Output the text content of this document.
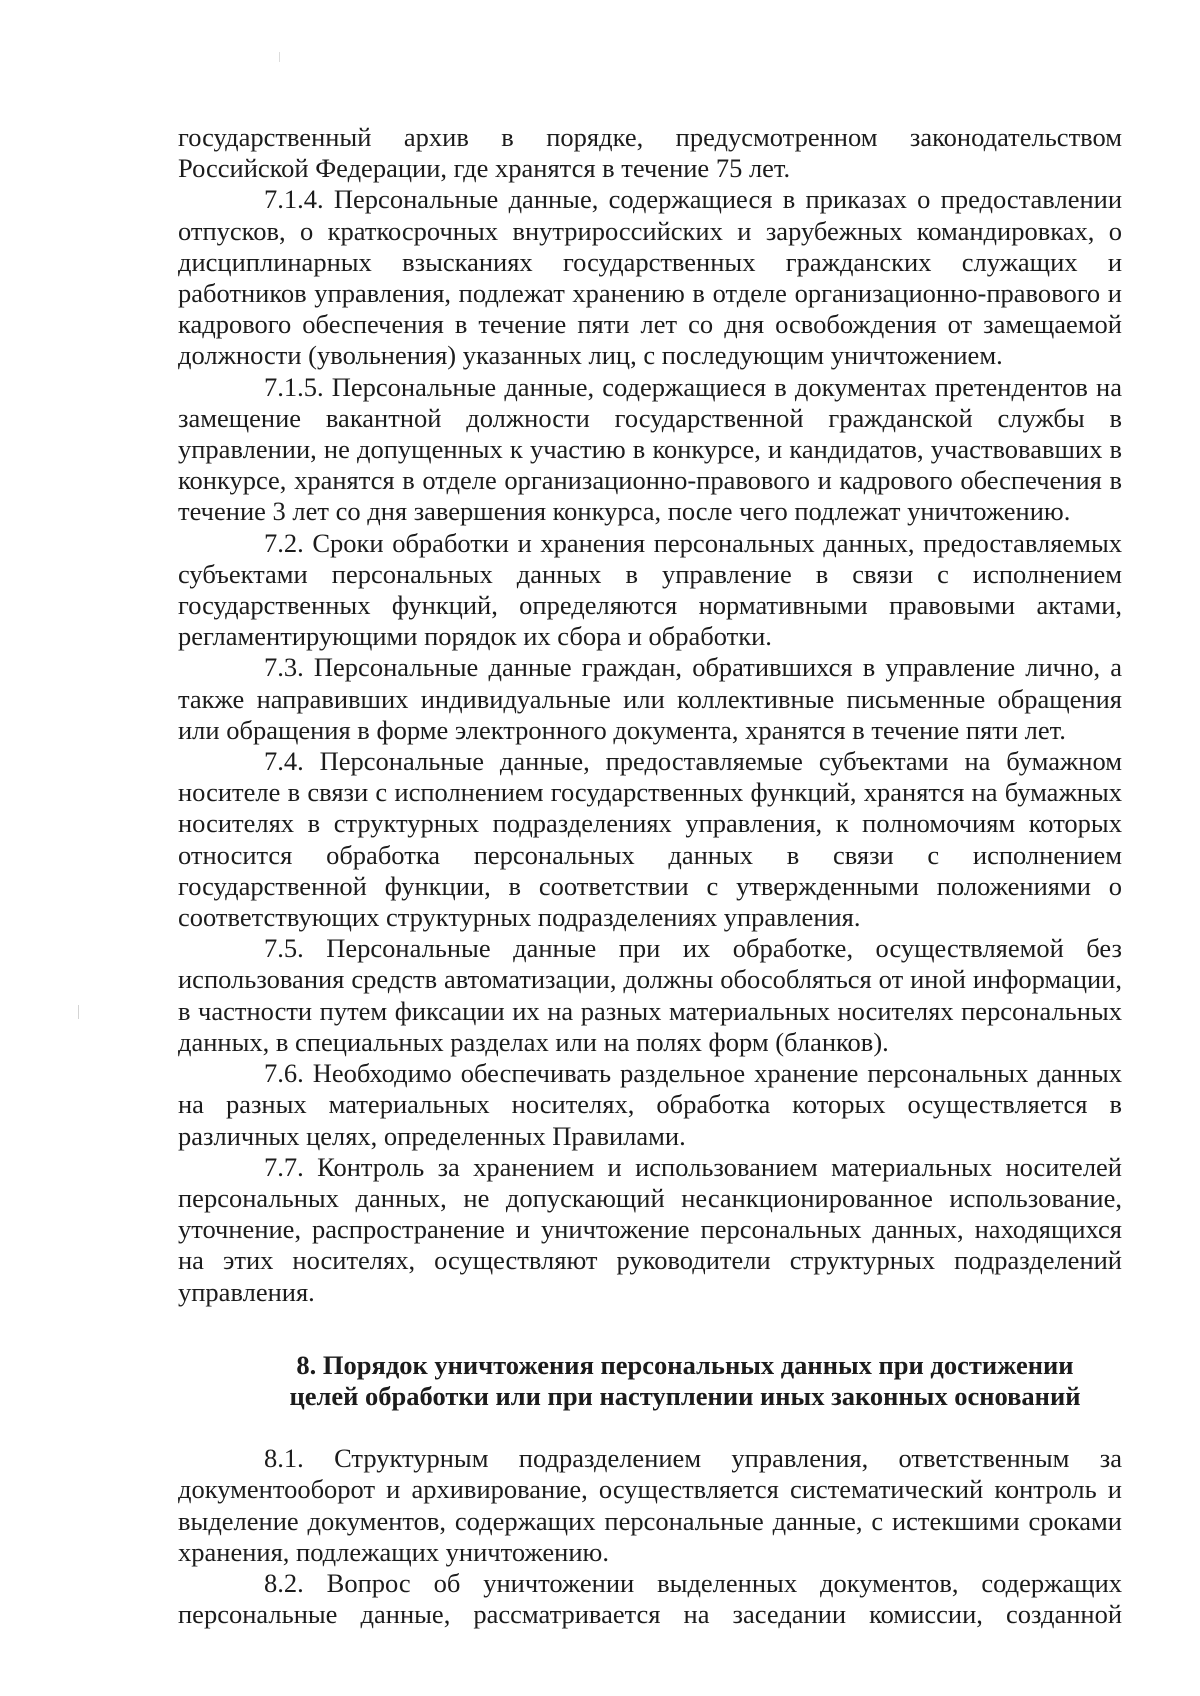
государственный архив в порядке, предусмотренном законодательством Российской Федерации, где хранятся в течение 75 лет.

7.1.4. Персональные данные, содержащиеся в приказах о предоставлении отпусков, о краткосрочных внутрироссийских и зарубежных командировках, о дисциплинарных взысканиях государственных гражданских служащих и работников управления, подлежат хранению в отделе организационно-правового и кадрового обеспечения в течение пяти лет со дня освобождения от замещаемой должности (увольнения) указанных лиц, с последующим уничтожением.

7.1.5. Персональные данные, содержащиеся в документах претендентов на замещение вакантной должности государственной гражданской службы в управлении, не допущенных к участию в конкурсе, и кандидатов, участвовавших в конкурсе, хранятся в отделе организационно-правового и кадрового обеспечения в течение 3 лет со дня завершения конкурса, после чего подлежат уничтожению.

7.2. Сроки обработки и хранения персональных данных, предоставляемых субъектами персональных данных в управление в связи с исполнением государственных функций, определяются нормативными правовыми актами, регламентирующими порядок их сбора и обработки.

7.3. Персональные данные граждан, обратившихся в управление лично, а также направивших индивидуальные или коллективные письменные обращения или обращения в форме электронного документа, хранятся в течение пяти лет.

7.4. Персональные данные, предоставляемые субъектами на бумажном носителе в связи с исполнением государственных функций, хранятся на бумажных носителях в структурных подразделениях управления, к полномочиям которых относится обработка персональных данных в связи с исполнением государственной функции, в соответствии с утвержденными положениями о соответствующих структурных подразделениях управления.

7.5. Персональные данные при их обработке, осуществляемой без использования средств автоматизации, должны обособляться от иной информации, в частности путем фиксации их на разных материальных носителях персональных данных, в специальных разделах или на полях форм (бланков).

7.6. Необходимо обеспечивать раздельное хранение персональных данных на разных материальных носителях, обработка которых осуществляется в различных целях, определенных Правилами.

7.7. Контроль за хранением и использованием материальных носителей персональных данных, не допускающий несанкционированное использование, уточнение, распространение и уничтожение персональных данных, находящихся на этих носителях, осуществляют руководители структурных подразделений управления.

8. Порядок уничтожения персональных данных при достижении
целей обработки или при наступлении иных законных оснований

8.1. Структурным подразделением управления, ответственным за документооборот и архивирование, осуществляется систематический контроль и выделение документов, содержащих персональные данные, с истекшими сроками хранения, подлежащих уничтожению.

8.2. Вопрос об уничтожении выделенных документов, содержащих персональные данные, рассматривается на заседании комиссии, созданной
